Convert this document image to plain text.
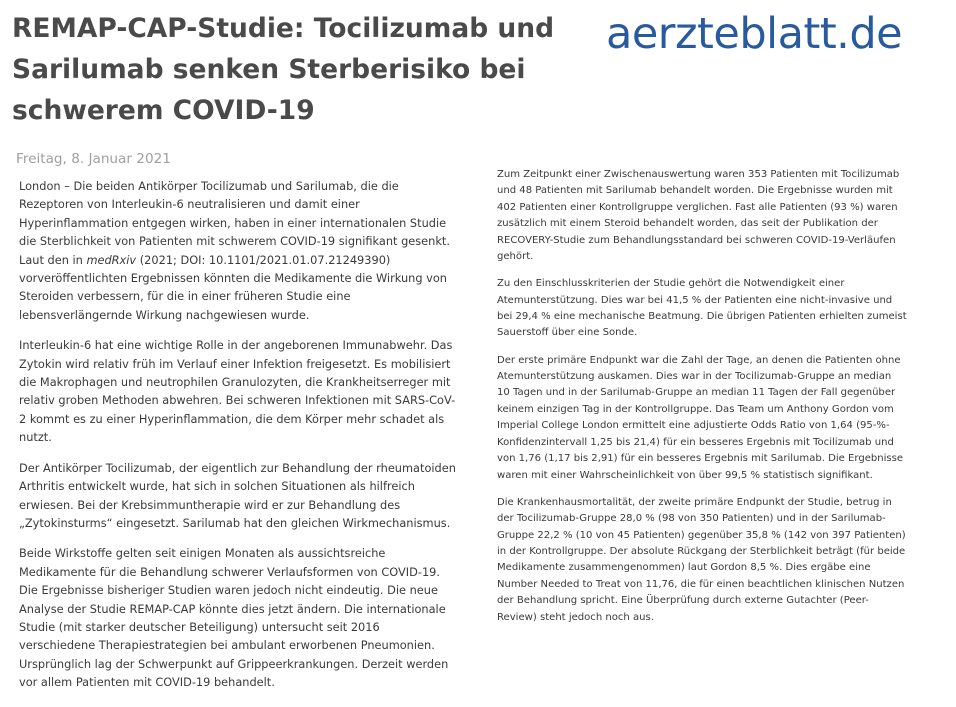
REMAP-CAP-Studie: Tocilizumab und Sarilumab senken Sterberisiko bei schwerem COVID-19
aerzteblatt.de
Freitag, 8. Januar 2021

London – Die beiden Antikörper Tocilizumab und Sarilumab, die die Rezeptoren von Interleukin-6 neutralisieren und damit einer Hyperinflammation entgegen wirken, haben in einer internationalen Studie die Sterblichkeit von Patienten mit schwerem COVID-19 signifikant gesenkt. Laut den in medRxiv (2021; DOI: 10.1101/2021.01.07.21249390) vorveröffentlichten Ergebnissen könnten die Medikamente die Wirkung von Steroiden verbessern, für die in einer früheren Studie eine lebensverlängernde Wirkung nachgewiesen wurde.

Interleukin-6 hat eine wichtige Rolle in der angeborenen Immunabwehr. Das Zytokin wird relativ früh im Verlauf einer Infektion freigesetzt. Es mobilisiert die Makrophagen und neutrophilen Granulozyten, die Krankheitserreger mit relativ groben Methoden abwehren. Bei schweren Infektionen mit SARS-CoV-2 kommt es zu einer Hyperinflammation, die dem Körper mehr schadet als nutzt.

Der Antikörper Tocilizumab, der eigentlich zur Behandlung der rheumatoiden Arthritis entwickelt wurde, hat sich in solchen Situationen als hilfreich erwiesen. Bei der Krebsimmuntherapie wird er zur Behandlung des „Zytokinsturms“ eingesetzt. Sarilumab hat den gleichen Wirkmechanismus.

Beide Wirkstoffe gelten seit einigen Monaten als aussichtsreiche Medikamente für die Behandlung schwerer Verlaufsformen von COVID-19. Die Ergebnisse bisheriger Studien waren jedoch nicht eindeutig. Die neue Analyse der Studie REMAP-CAP könnte dies jetzt ändern. Die internationale Studie (mit starker deutscher Beteiligung) untersucht seit 2016 verschiedene Therapiestrategien bei ambulant erworbenen Pneumonien. Ursprünglich lag der Schwerpunkt auf Grippeerkrankungen. Derzeit werden vor allem Patienten mit COVID-19 behandelt.

Zum Zeitpunkt einer Zwischenauswertung waren 353 Patienten mit Tocilizumab und 48 Patienten mit Sarilumab behandelt worden. Die Ergebnisse wurden mit 402 Patienten einer Kontrollgruppe verglichen. Fast alle Patienten (93 %) waren zusätzlich mit einem Steroid behandelt worden, das seit der Publikation der RECOVERY-Studie zum Behandlungsstandard bei schweren COVID-19-Verläufen gehört.

Zu den Einschlusskriterien der Studie gehört die Notwendigkeit einer Atemunterstützung. Dies war bei 41,5 % der Patienten eine nicht-invasive und bei 29,4 % eine mechanische Beatmung. Die übrigen Patienten erhielten zumeist Sauerstoff über eine Sonde.

Der erste primäre Endpunkt war die Zahl der Tage, an denen die Patienten ohne Atemunterstützung auskamen. Dies war in der Tocilizumab-Gruppe an median 10 Tagen und in der Sarilumab-Gruppe an median 11 Tagen der Fall gegenüber keinem einzigen Tag in der Kontrollgruppe. Das Team um Anthony Gordon vom Imperial College London ermittelt eine adjustierte Odds Ratio von 1,64 (95-%-Konfidenzintervall 1,25 bis 21,4) für ein besseres Ergebnis mit Tocilizumab und von 1,76 (1,17 bis 2,91) für ein besseres Ergebnis mit Sarilumab. Die Ergebnisse waren mit einer Wahrscheinlichkeit von über 99,5 % statistisch signifikant.

Die Krankenhausmortalität, der zweite primäre Endpunkt der Studie, betrug in der Tocilizumab-Gruppe 28,0 % (98 von 350 Patienten) und in der Sarilumab-Gruppe 22,2 % (10 von 45 Patienten) gegenüber 35,8 % (142 von 397 Patienten) in der Kontrollgruppe. Der absolute Rückgang der Sterblichkeit beträgt (für beide Medikamente zusammengenommen) laut Gordon 8,5 %. Dies ergäbe eine Number Needed to Treat von 11,76, die für einen beachtlichen klinischen Nutzen der Behandlung spricht. Eine Überprüfung durch externe Gutachter (Peer-Review) steht jedoch noch aus.
